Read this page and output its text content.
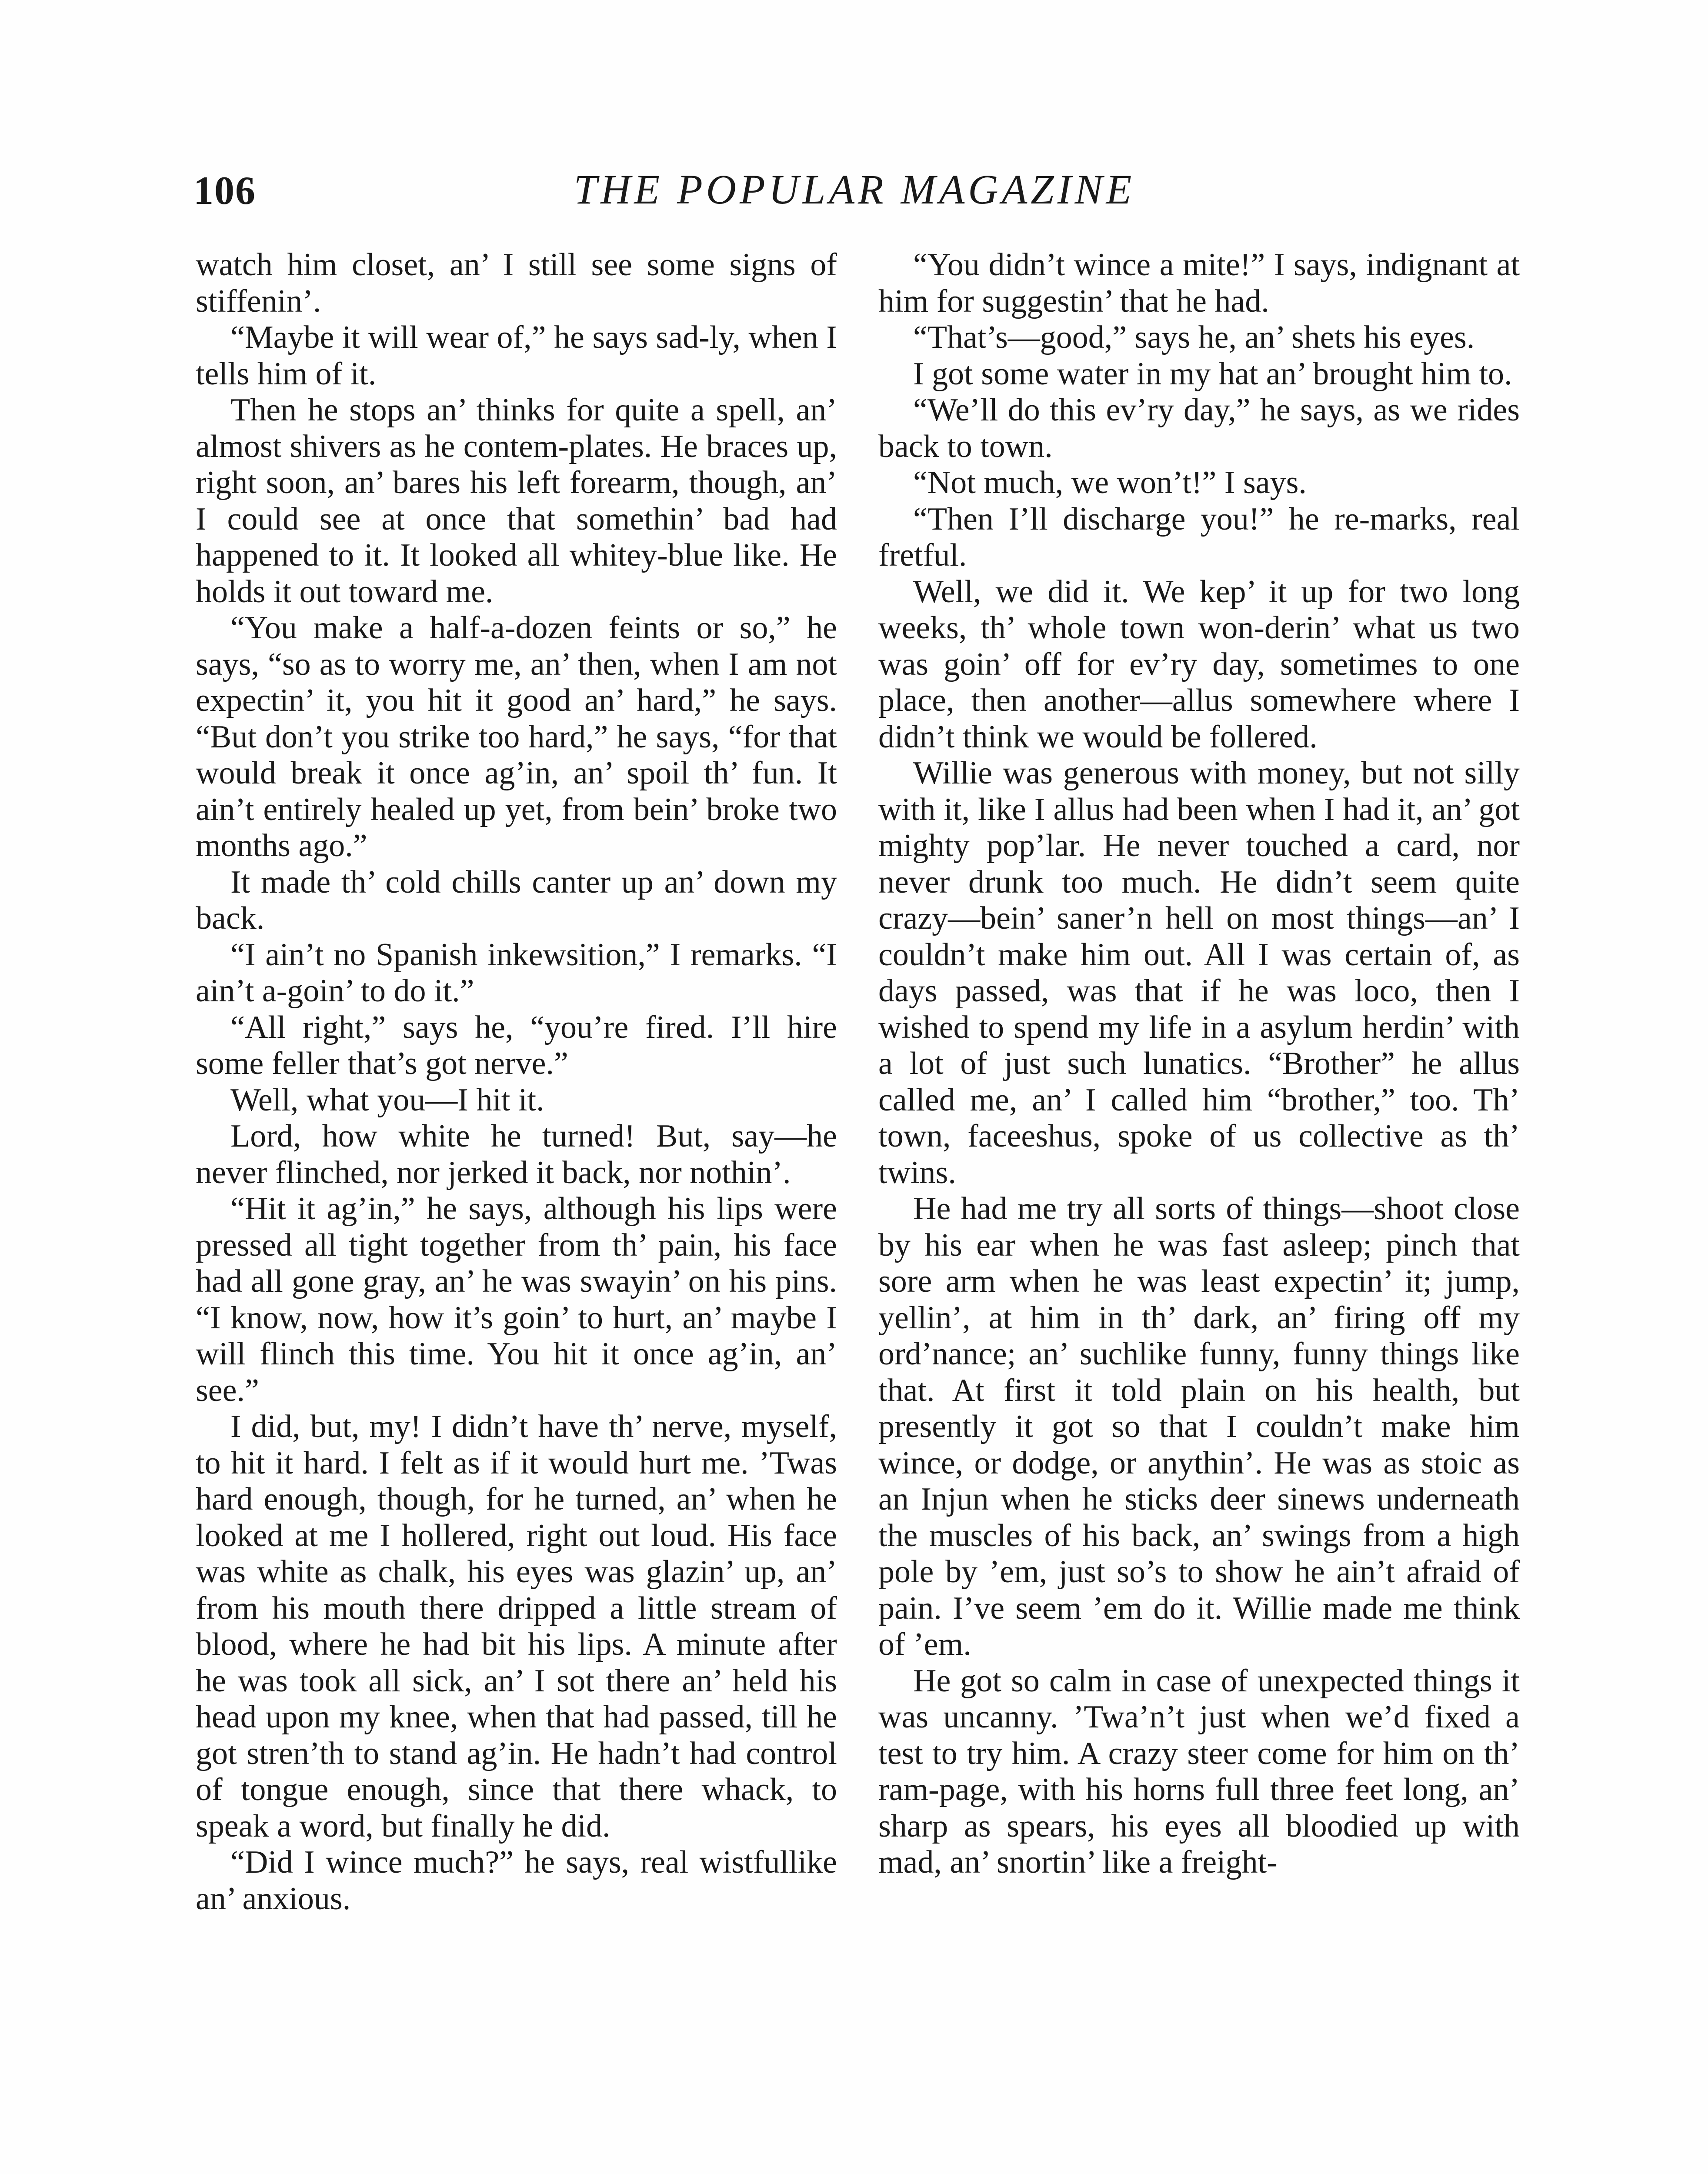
106	THE POPULAR MAGAZINE

watch him closet, an’ I still see some signs of stiffenin’.

“Maybe it will wear of,” he says sad-ly, when I tells him of it.

Then he stops an’ thinks for quite a spell, an’ almost shivers as he contem-plates. He braces up, right soon, an’ bares his left forearm, though, an’ I could see at once that somethin’ bad had happened to it. It looked all whitey-blue like. He holds it out toward me.

“You make a half-a-dozen feints or so,” he says, “so as to worry me, an’ then, when I am not expectin’ it, you hit it good an’ hard,” he says. “But don’t you strike too hard,” he says, “for that would break it once ag’in, an’ spoil th’ fun. It ain’t entirely healed up yet, from bein’ broke two months ago.”

It made th’ cold chills canter up an’ down my back.

“I ain’t no Spanish inkewsition,” I remarks. “I ain’t a-goin’ to do it.”

“All right,” says he, “you’re fired. I’ll hire some feller that’s got nerve.”

Well, what you—I hit it.

Lord, how white he turned! But, say—he never flinched, nor jerked it back, nor nothin’.

“Hit it ag’in,” he says, although his lips were pressed all tight together from th’ pain, his face had all gone gray, an’ he was swayin’ on his pins. “I know, now, how it’s goin’ to hurt, an’ maybe I will flinch this time. You hit it once ag’in, an’ see.”

I did, but, my! I didn’t have th’ nerve, myself, to hit it hard. I felt as if it would hurt me. ’Twas hard enough, though, for he turned, an’ when he looked at me I hollered, right out loud. His face was white as chalk, his eyes was glazin’ up, an’ from his mouth there dripped a little stream of blood, where he had bit his lips. A minute after he was took all sick, an’ I sot there an’ held his head upon my knee, when that had passed, till he got stren’th to stand ag’in. He hadn’t had control of tongue enough, since that there whack, to speak a word, but finally he did.

“Did I wince much?” he says, real wistfullike an’ anxious.

“You didn’t wince a mite!” I says, indignant at him for suggestin’ that he had.

“That’s—good,” says he, an’ shets his eyes.

I got some water in my hat an’ brought him to.

“We’ll do this ev’ry day,” he says, as we rides back to town.

“Not much, we won’t!” I says.

“Then I’ll discharge you!” he re-marks, real fretful.

Well, we did it. We kep’ it up for two long weeks, th’ whole town won-derin’ what us two was goin’ off for ev’ry day, sometimes to one place, then another—allus somewhere where I didn’t think we would be follered.

Willie was generous with money, but not silly with it, like I allus had been when I had it, an’ got mighty pop’lar. He never touched a card, nor never drunk too much. He didn’t seem quite crazy—bein’ saner’n hell on most things—an’ I couldn’t make him out. All I was certain of, as days passed, was that if he was loco, then I wished to spend my life in a asylum herdin’ with a lot of just such lunatics. “Brother” he allus called me, an’ I called him “brother,” too. Th’ town, faceeshus, spoke of us collective as th’ twins.

He had me try all sorts of things—shoot close by his ear when he was fast asleep; pinch that sore arm when he was least expectin’ it; jump, yellin’, at him in th’ dark, an’ firing off my ord’nance; an’ suchlike funny, funny things like that. At first it told plain on his health, but presently it got so that I couldn’t make him wince, or dodge, or anythin’. He was as stoic as an Injun when he sticks deer sinews underneath the muscles of his back, an’ swings from a high pole by ’em, just so’s to show he ain’t afraid of pain. I’ve seem ’em do it. Willie made me think of ’em.

He got so calm in case of unexpected things it was uncanny. ’Twa’n’t just when we’d fixed a test to try him. A crazy steer come for him on th’ ram-page, with his horns full three feet long, an’ sharp as spears, his eyes all bloodied up with mad, an’ snortin’ like a freight-
